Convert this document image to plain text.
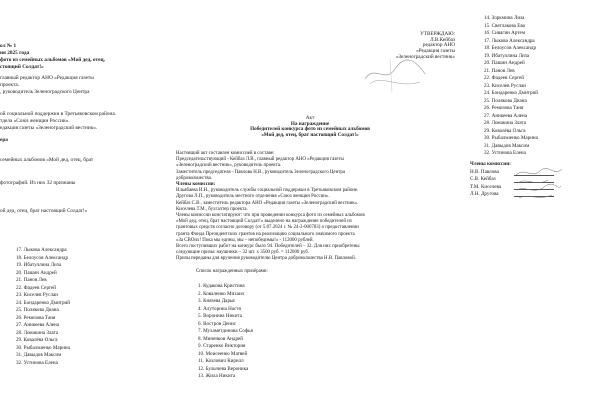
ол № 1
ня 2025 года
фото из семейных альбомов «Мой дед, отец,
стоящий Солдат!»
главный редактор АНО «Редакция газеты
проекта.
, руководитель Зеленоградского Центра
ой социальной поддержки в Третьяковском района.
тдела «Союз женщин России».
едакция газеты «Зеленоградский вестник».
ера
семейных альбомов «Мой дед, отец, брат
фотографий. Из них 32 признаны
ой дед, отец, брат настоящий Солдат!»
17. Лыкова Александра
18. Белоусов Александр
19. Ибатуллина Лиза
20. Пашин Андрей
21. Панов Лев
22. Фадеев Сергей
23. Киселев Руслан
24. Бондаренко Дмитрий
25. Полякова Диана
26. Ремизова Таня
27. Аникеева Алена
28. Ломакина Злата
29. Ковалёва Ольга
30. Рыбальченко Марина
31. Давыдов Максим
32. Устинова Елена
УТВЕРЖДАЮ:
Л.В.Кейбаз
редактор АНО
«Редакция газеты
«Зеленоградский вестник»
Акт
На награждение
Победителей конкурса фото из семейных альбомов
«Мой дед, отец, брат настоящий Солдат!»
Настоящий акт составлен комиссией в составе:
Председательствующий - Кейбаз Л.В., главный редактор АНО «Редакция газеты
«Зеленоградский вестник», руководитель проекта.
Заместитель председателя - Павлова Н.В., руководитель Зеленоградского Центра
добровольчества.
Члены комиссии:
Ильябаева И.Н., руководитель службы социальной поддержки в Третьяковском районе.
Другова Л.П., руководитель местного отделения «Союз женщин России».
Кейбаз С.В., заместитель редактора АНО «Редакция газеты «Зеленоградский вестник».
Киселева Т.М., бухгалтер проекта.
Члены комиссии констатируют: что при проведении конкурса фото из семейных альбомов
«Мой дед, отец, брат настоящий Солдат!» выделено на награждение победителей из
грантовых средств согласно договору (от 5.07.2024 г. № 24-2-006783) о предоставлении
гранта Фонда Президентских грантов на реализацию социального значимого проекта
«За СВОих! Пока мы едины, мы – непобедимы!» - 112000 рублей.
Всего поступивших работ на конкурс было 94. Победителей – 32. Для них приобретены
следующие призы: наушники – 32 шт. х 3500 руб. = 112000 руб.
Призы переданы для вручения руководителю Центра добровольчества Н.В. Павловой.
Список награжденных призёрами:
1. Кудакова Кристина
2. Коваленко Михаил
3. Князева Дарья
4. Алуторина Настя
5. Воронина Никита
6. Востров Денис
7. Мухаметдинова Софья
8. Миненков Андрей
9. Старенко Виктория
10. Моисеенко Матвей
11. Козлович Кирилл
12. Булычева Вероника
13. Жила Никита
14. Зоркмина Лиза
15. Светлакова Ева
16. Сивагин Артем
17. Лыкова Александра
18. Белоусов Александр
19. Ибатуллина Лиза
20. Пашин Андрей
21. Панов Лев
22. Фадеев Сергей
23. Киселев Руслан
24. Бондаренко Дмитрий
25. Полякова Диана
26. Ремизова Таня
27. Аникеева Алена
28. Ломакина Злата
29. Ковалёва Ольга
30. Рыбальченко Марина
31. Давыдов Максим
32. Устинова Елена
Члены комиссии:
Н.В. Павлова
С.В. Кейбаз
Т.М. Киселева
Л.Н. Другова
